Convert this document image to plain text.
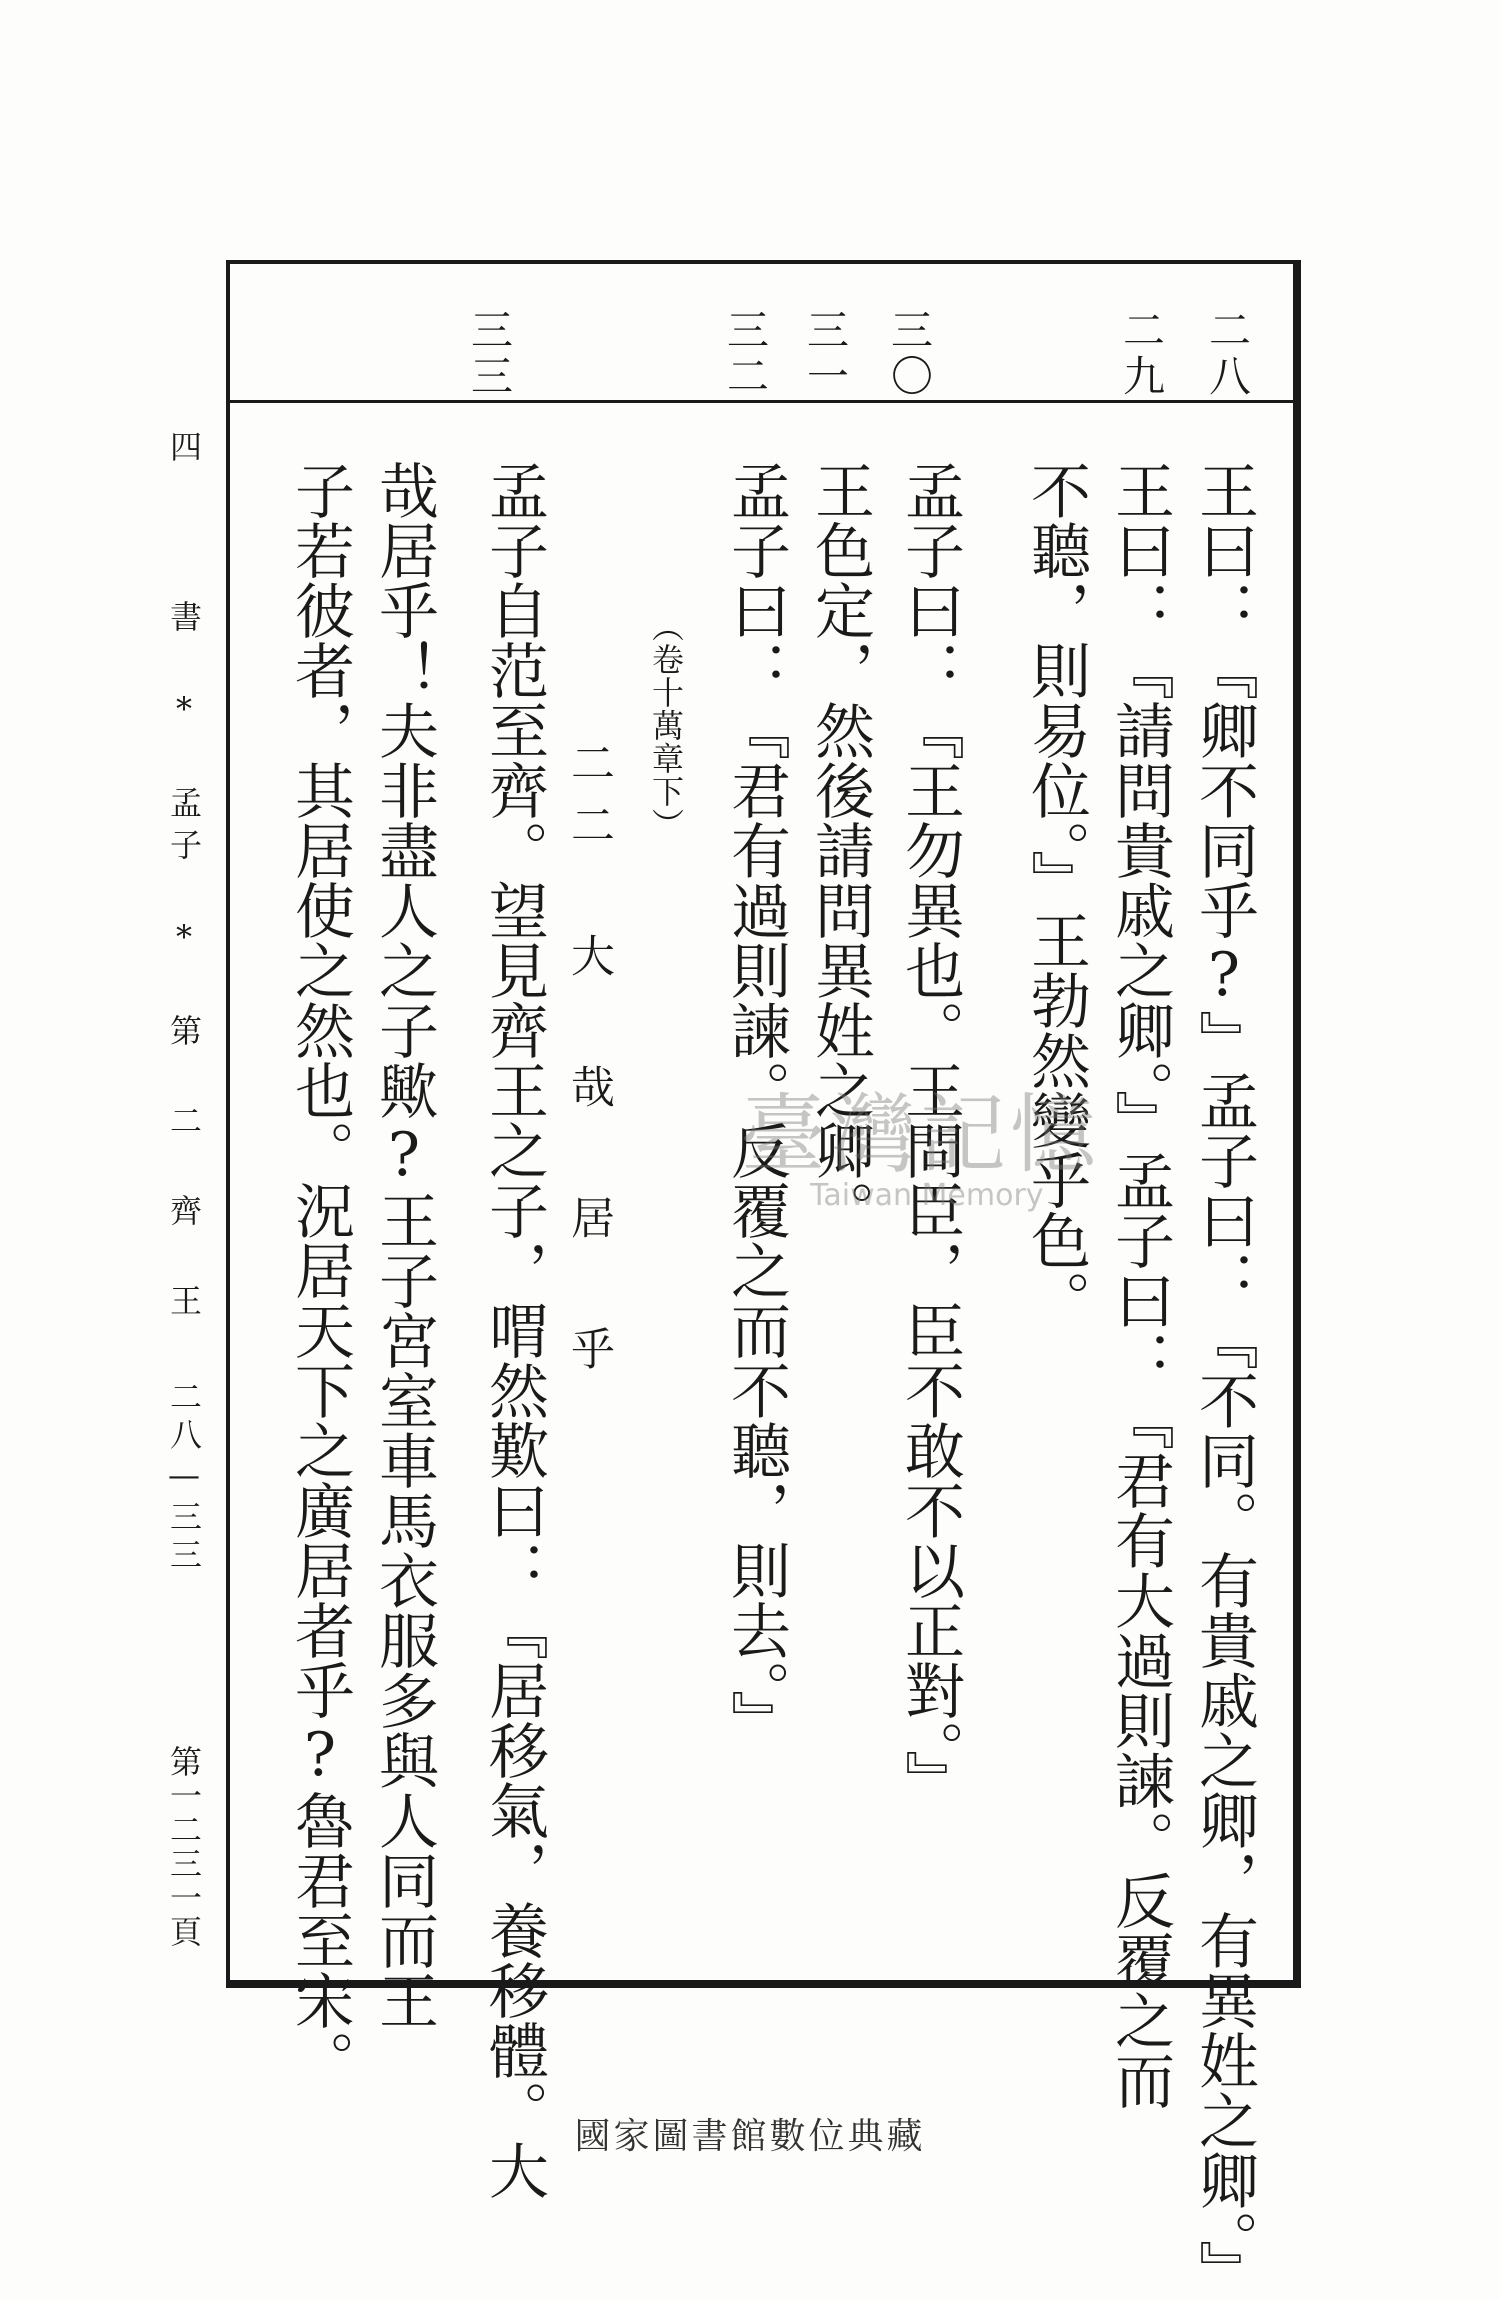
二八
二九
三〇
三一
三二
三三
王曰：『卿不同乎?』孟子曰：『不同。有貴戚之卿，有異姓之卿。』
王曰：『請問貴戚之卿。』孟子曰：『君有大過則諫。反覆之而
不聽，則易位。』王勃然變乎色。
孟子曰：『王勿異也。王問臣，臣不敢不以正對。』
王色定，然後請問異姓之卿。
孟子曰：『君有過則諫。反覆之而不聽，則去。』
（卷十萬章下）
二二 大 哉 居 乎
孟子自范至齊。望見齊王之子，喟然歎曰：『居移氣，養移體。大
哉居乎！夫非盡人之子歟?王子宮室車馬衣服多與人同而王
子若彼者，其居使之然也。況居天下之廣居者乎?魯君至宋。
四
書 * 孟子 * 第 二 齊 王
二八—三三
第一二三一頁
臺灣記憶
Taiwan Memory
國家圖書館數位典藏
